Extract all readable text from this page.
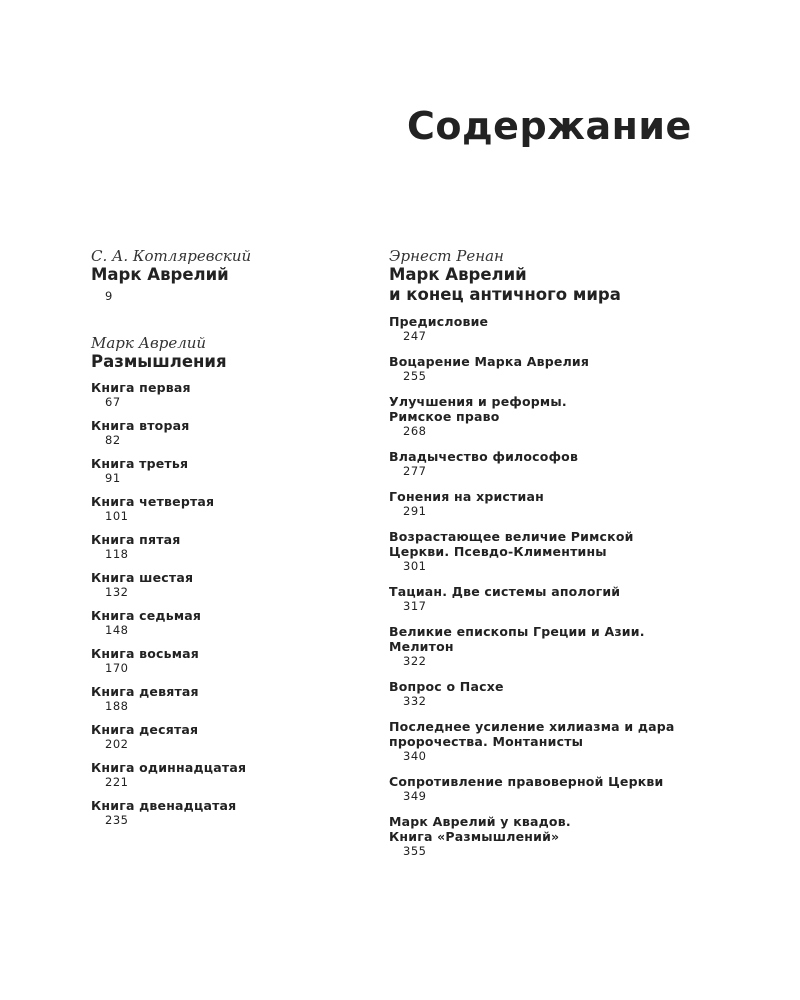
Содержание
С. А. Котляревский
Марк Аврелий
9
Марк Аврелий
Размышления
Книга первая
67
Книга вторая
82
Книга третья
91
Книга четвертая
101
Книга пятая
118
Книга шестая
132
Книга седьмая
148
Книга восьмая
170
Книга девятая
188
Книга десятая
202
Книга одиннадцатая
221
Книга двенадцатая
235
Эрнест Ренан
Марк Аврелий
и конец античного мира
Предисловие
247
Воцарение Марка Аврелия
255
Улучшения и реформы.
Римское право
268
Владычество философов
277
Гонения на христиан
291
Возрастающее величие Римской
Церкви. Псевдо-Климентины
301
Тациан. Две системы апологий
317
Великие епископы Греции и Азии.
Мелитон
322
Вопрос о Пасхе
332
Последнее усиление хилиазма и дара
пророчества. Монтанисты
340
Сопротивление правоверной Церкви
349
Марк Аврелий у квадов.
Книга «Размышлений»
355
